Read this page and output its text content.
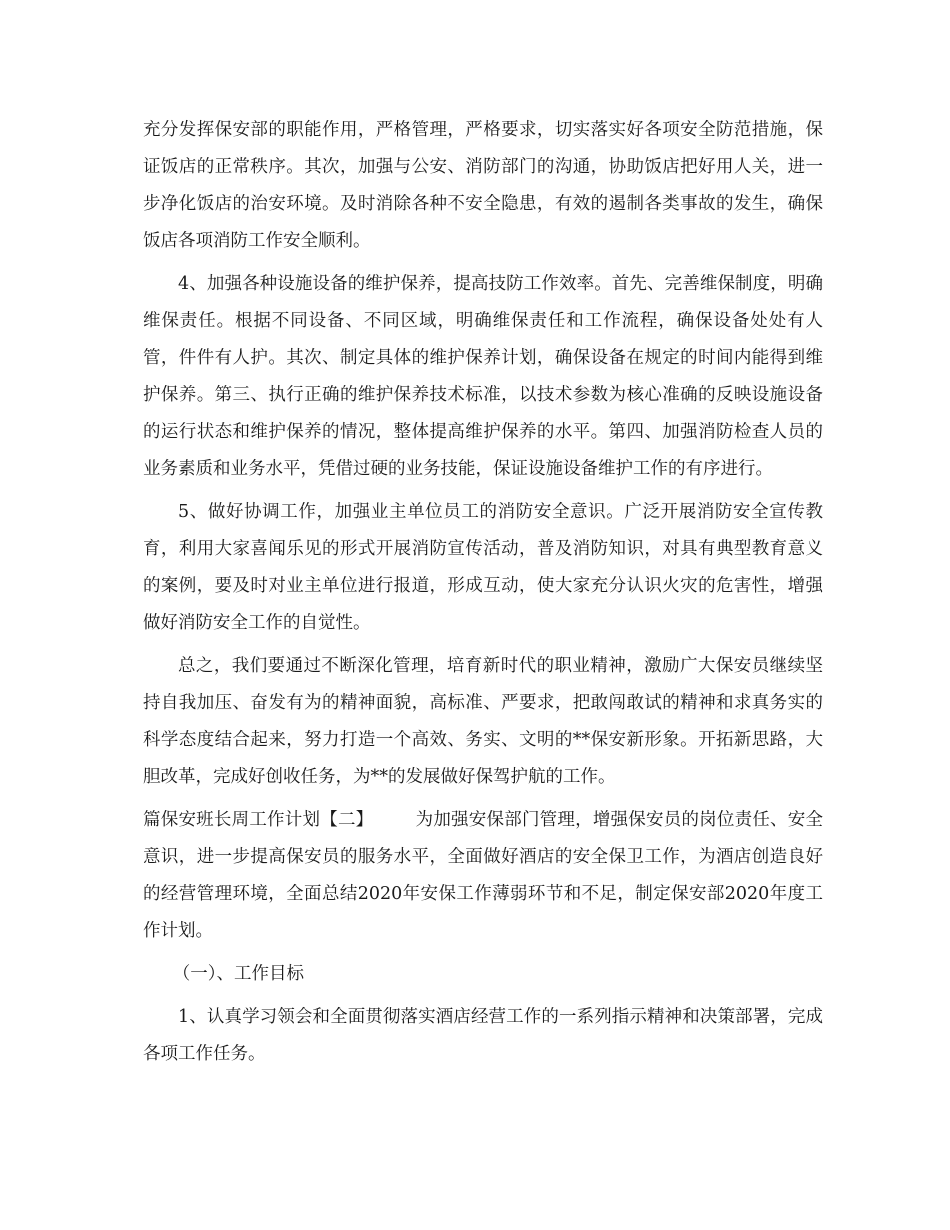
充分发挥保安部的职能作用，严格管理，严格要求，切实落实好各项安全防范措施，保证饭店的正常秩序。其次，加强与公安、消防部门的沟通，协助饭店把好用人关，进一步净化饭店的治安环境。及时消除各种不安全隐患，有效的遏制各类事故的发生，确保饭店各项消防工作安全顺利。

4、加强各种设施设备的维护保养，提高技防工作效率。首先、完善维保制度，明确维保责任。根据不同设备、不同区域，明确维保责任和工作流程，确保设备处处有人管，件件有人护。其次、制定具体的维护保养计划，确保设备在规定的时间内能得到维护保养。第三、执行正确的维护保养技术标准，以技术参数为核心准确的反映设施设备的运行状态和维护保养的情况，整体提高维护保养的水平。第四、加强消防检查人员的业务素质和业务水平，凭借过硬的业务技能，保证设施设备维护工作的有序进行。

5、做好协调工作，加强业主单位员工的消防安全意识。广泛开展消防安全宣传教育，利用大家喜闻乐见的形式开展消防宣传活动，普及消防知识，对具有典型教育意义的案例，要及时对业主单位进行报道，形成互动，使大家充分认识火灾的危害性，增强做好消防安全工作的自觉性。

总之，我们要通过不断深化管理，培育新时代的职业精神，激励广大保安员继续坚持自我加压、奋发有为的精神面貌，高标准、严要求，把敢闯敢试的精神和求真务实的科学态度结合起来，努力打造一个高效、务实、文明的**保安新形象。开拓新思路，大胆改革，完成好创收任务，为**的发展做好保驾护航的工作。

篇保安班长周工作计划【二】 为加强安保部门管理，增强保安员的岗位责任、安全意识，进一步提高保安员的服务水平，全面做好酒店的安全保卫工作，为酒店创造良好的经营管理环境，全面总结2020年安保工作薄弱环节和不足，制定保安部2020年度工作计划。

（一）、工作目标

1、认真学习领会和全面贯彻落实酒店经营工作的一系列指示精神和决策部署，完成各项工作任务。
